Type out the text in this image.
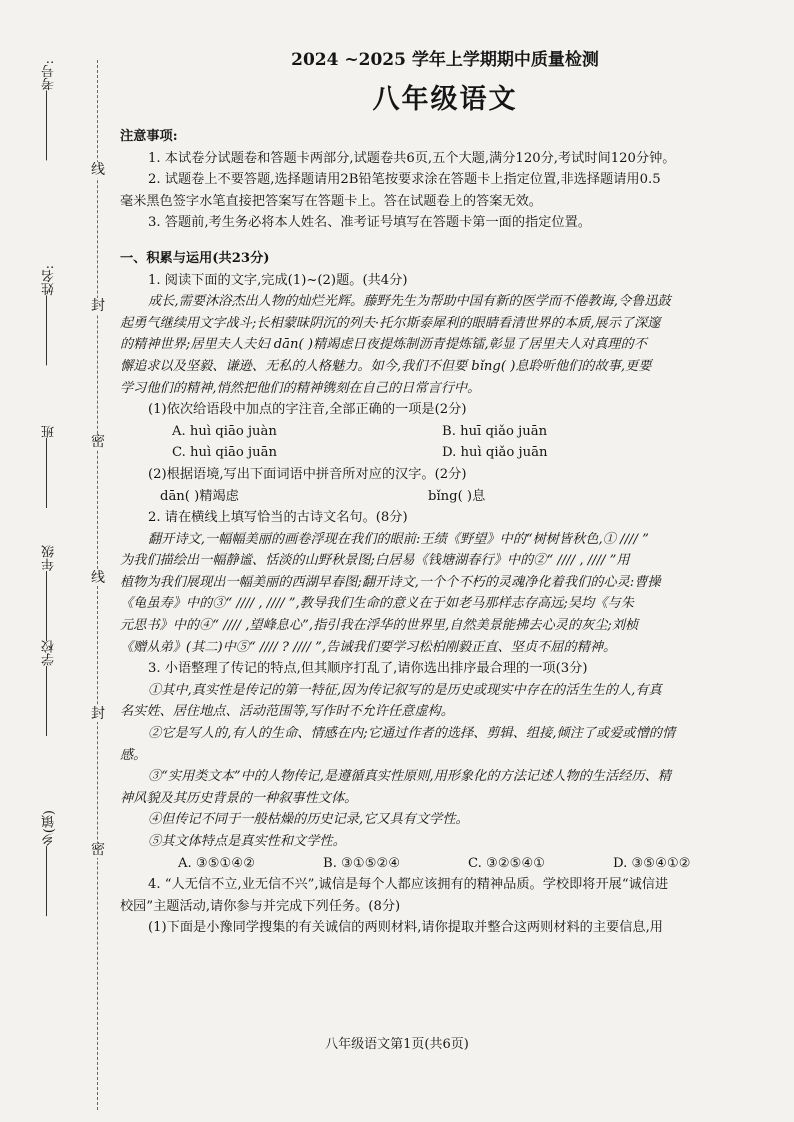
线
封
密
线
封
密
考号:
姓名:
班
年级
学校
乡(镇)
2024 ~2025 学年上学期期中质量检测
八年级语文
注意事项:
1. 本试卷分试题卷和答题卡两部分,试题卷共6页,五个大题,满分120分,考试时间120分钟。
2. 试题卷上不要答题,选择题请用2B铅笔按要求涂在答题卡上指定位置,非选择题请用0.5
毫米黑色签字水笔直接把答案写在答题卡上。答在试题卷上的答案无效。
3. 答题前,考生务必将本人姓名、准考证号填写在答题卡第一面的指定位置。
一、积累与运用(共23分)
1. 阅读下面的文字,完成(1)~(2)题。(共4分)
成长,需要沐浴杰出人物的灿烂光辉。藤野先生为帮助中国有新的医学而不倦教诲,令鲁迅鼓
起勇气继续用文字战斗;长相蒙昧阴沉的列夫·托尔斯泰犀利的眼睛看清世界的本质,展示了深邃
的精神世界;居里夫人夫妇 dān( )精竭虑日夜提炼制沥青提炼镭,彰显了居里夫人对真理的不
懈追求以及坚毅、谦逊、无私的人格魅力。如今,我们不但要 bǐng( )息聆听他们的故事,更要
学习他们的精神,悄然把他们的精神镌刻在自己的日常言行中。
(1)依次给语段中加点的字注音,全部正确的一项是(2分)
A. huì qiāo juàn	B. huī qiǎo juān
C. huì qiāo juān	D. huì qiǎo juān
(2)根据语境,写出下面词语中拼音所对应的汉字。(2分)
dān( )精竭虑	bǐng( )息
2. 请在横线上填写恰当的古诗文名句。(8分)
翻开诗文,一幅幅美丽的画卷浮现在我们的眼前:王绩《野望》中的“树树皆秋色,① //// ”
为我们描绘出一幅静谧、恬淡的山野秋景图;白居易《钱塘湖春行》中的②“ //// , //// ”用
植物为我们展现出一幅美丽的西湖早春图;翻开诗文,一个个不朽的灵魂净化着我们的心灵:曹操
《龟虽寿》中的③“ //// , //// ”,教导我们生命的意义在于如老马那样志存高远;吴均《与朱
元思书》中的④“ //// ,望峰息心”,指引我在浮华的世界里,自然美景能拂去心灵的灰尘;刘桢
《赠从弟》(其二)中⑤“ //// ? //// ”,告诫我们要学习松柏刚毅正直、坚贞不屈的精神。
3. 小语整理了传记的特点,但其顺序打乱了,请你选出排序最合理的一项(3分)
①其中,真实性是传记的第一特征,因为传记叙写的是历史或现实中存在的活生生的人,有真
名实姓、居住地点、活动范围等,写作时不允许任意虚构。
②它是写人的,有人的生命、情感在内;它通过作者的选择、剪辑、组接,倾注了或爱或憎的情
感。
③“实用类文本”中的人物传记,是遵循真实性原则,用形象化的方法记述人物的生活经历、精
神风貌及其历史背景的一种叙事性文体。
④但传记不同于一般枯燥的历史记录,它又具有文学性。
⑤其文体特点是真实性和文学性。
A. ③⑤①④②	B. ③①⑤②④	C. ③②⑤④①	D. ③⑤④①②
4. “人无信不立,业无信不兴”,诚信是每个人都应该拥有的精神品质。学校即将开展“诚信进
校园”主题活动,请你参与并完成下列任务。(8分)
(1)下面是小豫同学搜集的有关诚信的两则材料,请你提取并整合这两则材料的主要信息,用
八年级语文第1页(共6页)
